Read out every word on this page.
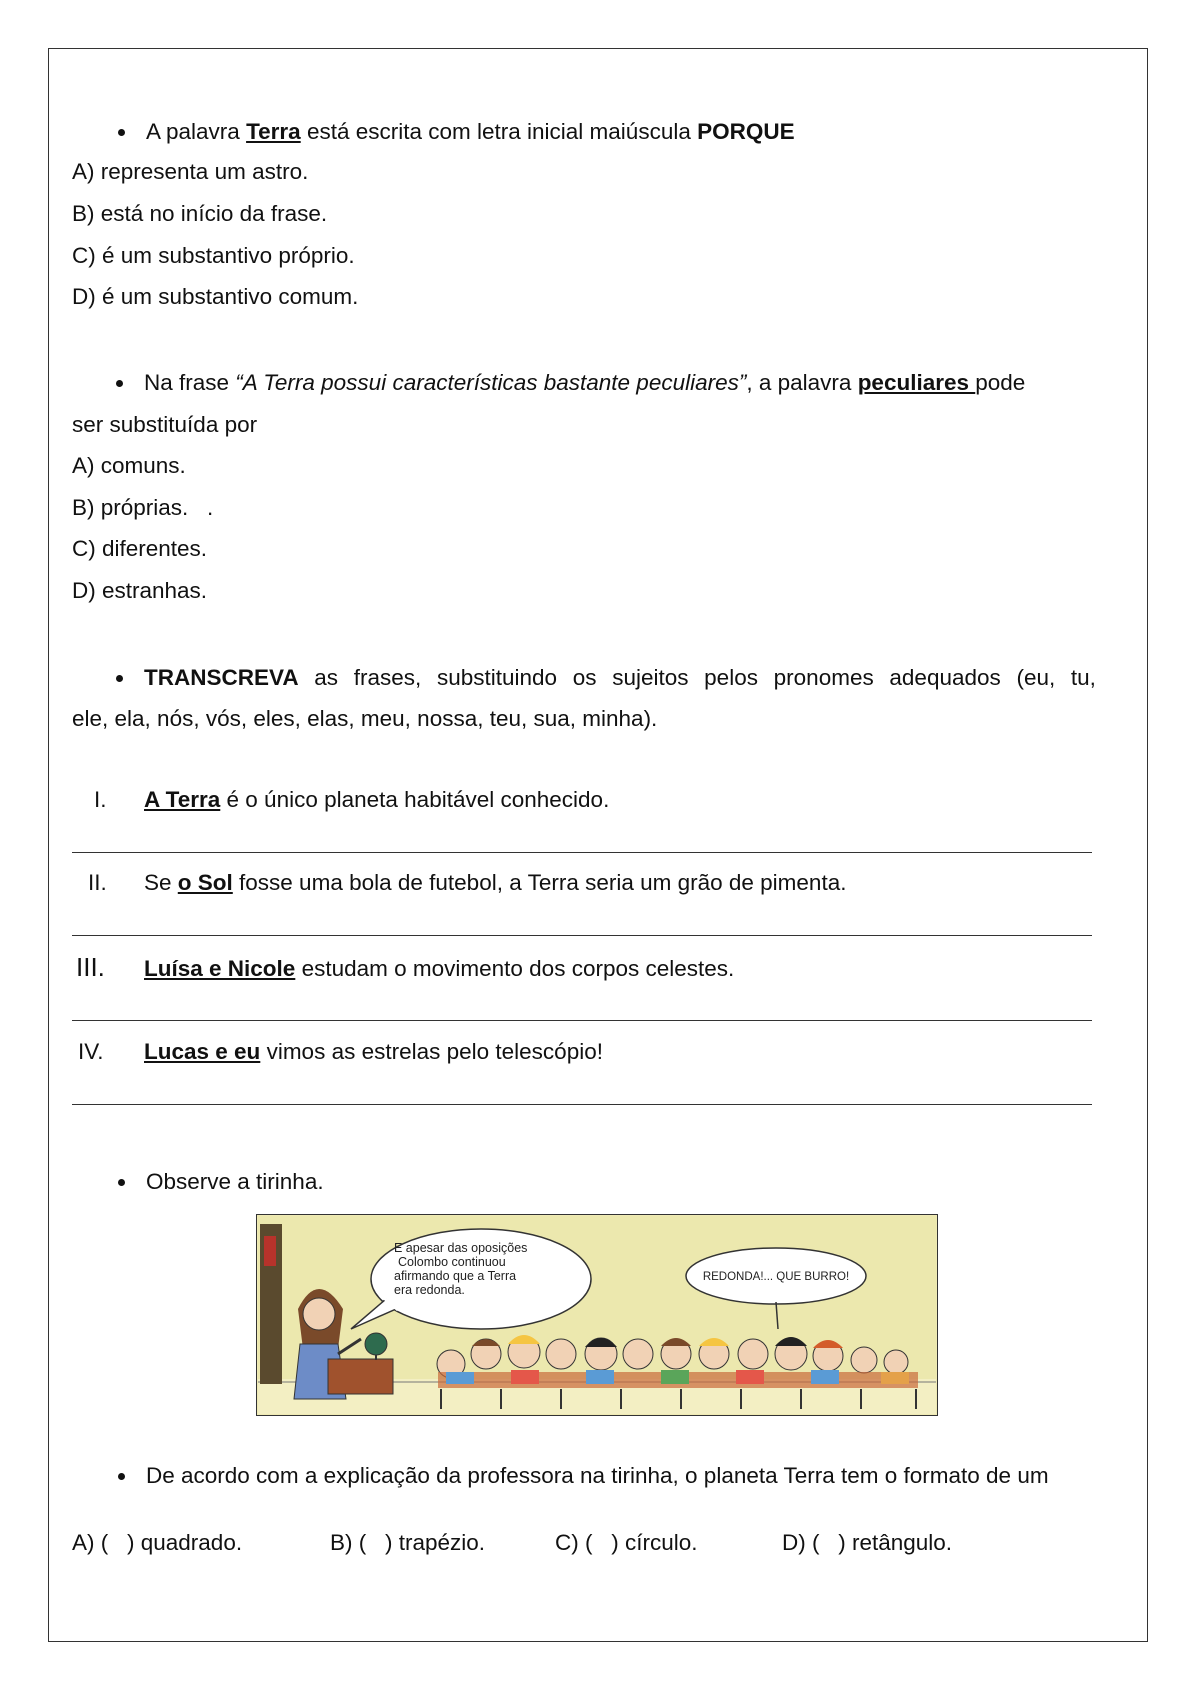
A palavra Terra está escrita com letra inicial maiúscula PORQUE
A) representa um astro.
B) está no início da frase.
C) é um substantivo próprio.
D) é um substantivo comum.
Na frase “A Terra possui características bastante peculiares”, a palavra peculiares pode
ser substituída por
A) comuns.
B) próprias.   .
C) diferentes.
D) estranhas.
TRANSCREVA as frases, substituindo os sujeitos pelos pronomes adequados (eu, tu,
ele, ela, nós, vós, eles, elas, meu, nossa, teu, sua, minha).
I. A Terra é o único planeta habitável conhecido.
II. Se o Sol fosse uma bola de futebol, a Terra seria um grão de pimenta.
III. Luísa e Nicole estudam o movimento dos corpos celestes.
IV. Lucas e eu vimos as estrelas pelo telescópio!
Observe a tirinha.
E apesar das oposições Colombo continuou afirmando que a Terra era redonda.
REDONDA!... QUE BURRO!
De acordo com a explicação da professora na tirinha, o planeta Terra tem o formato de um
A) (   ) quadrado.	B) (   ) trapézio.	C) (   ) círculo.	D) (   ) retângulo.
